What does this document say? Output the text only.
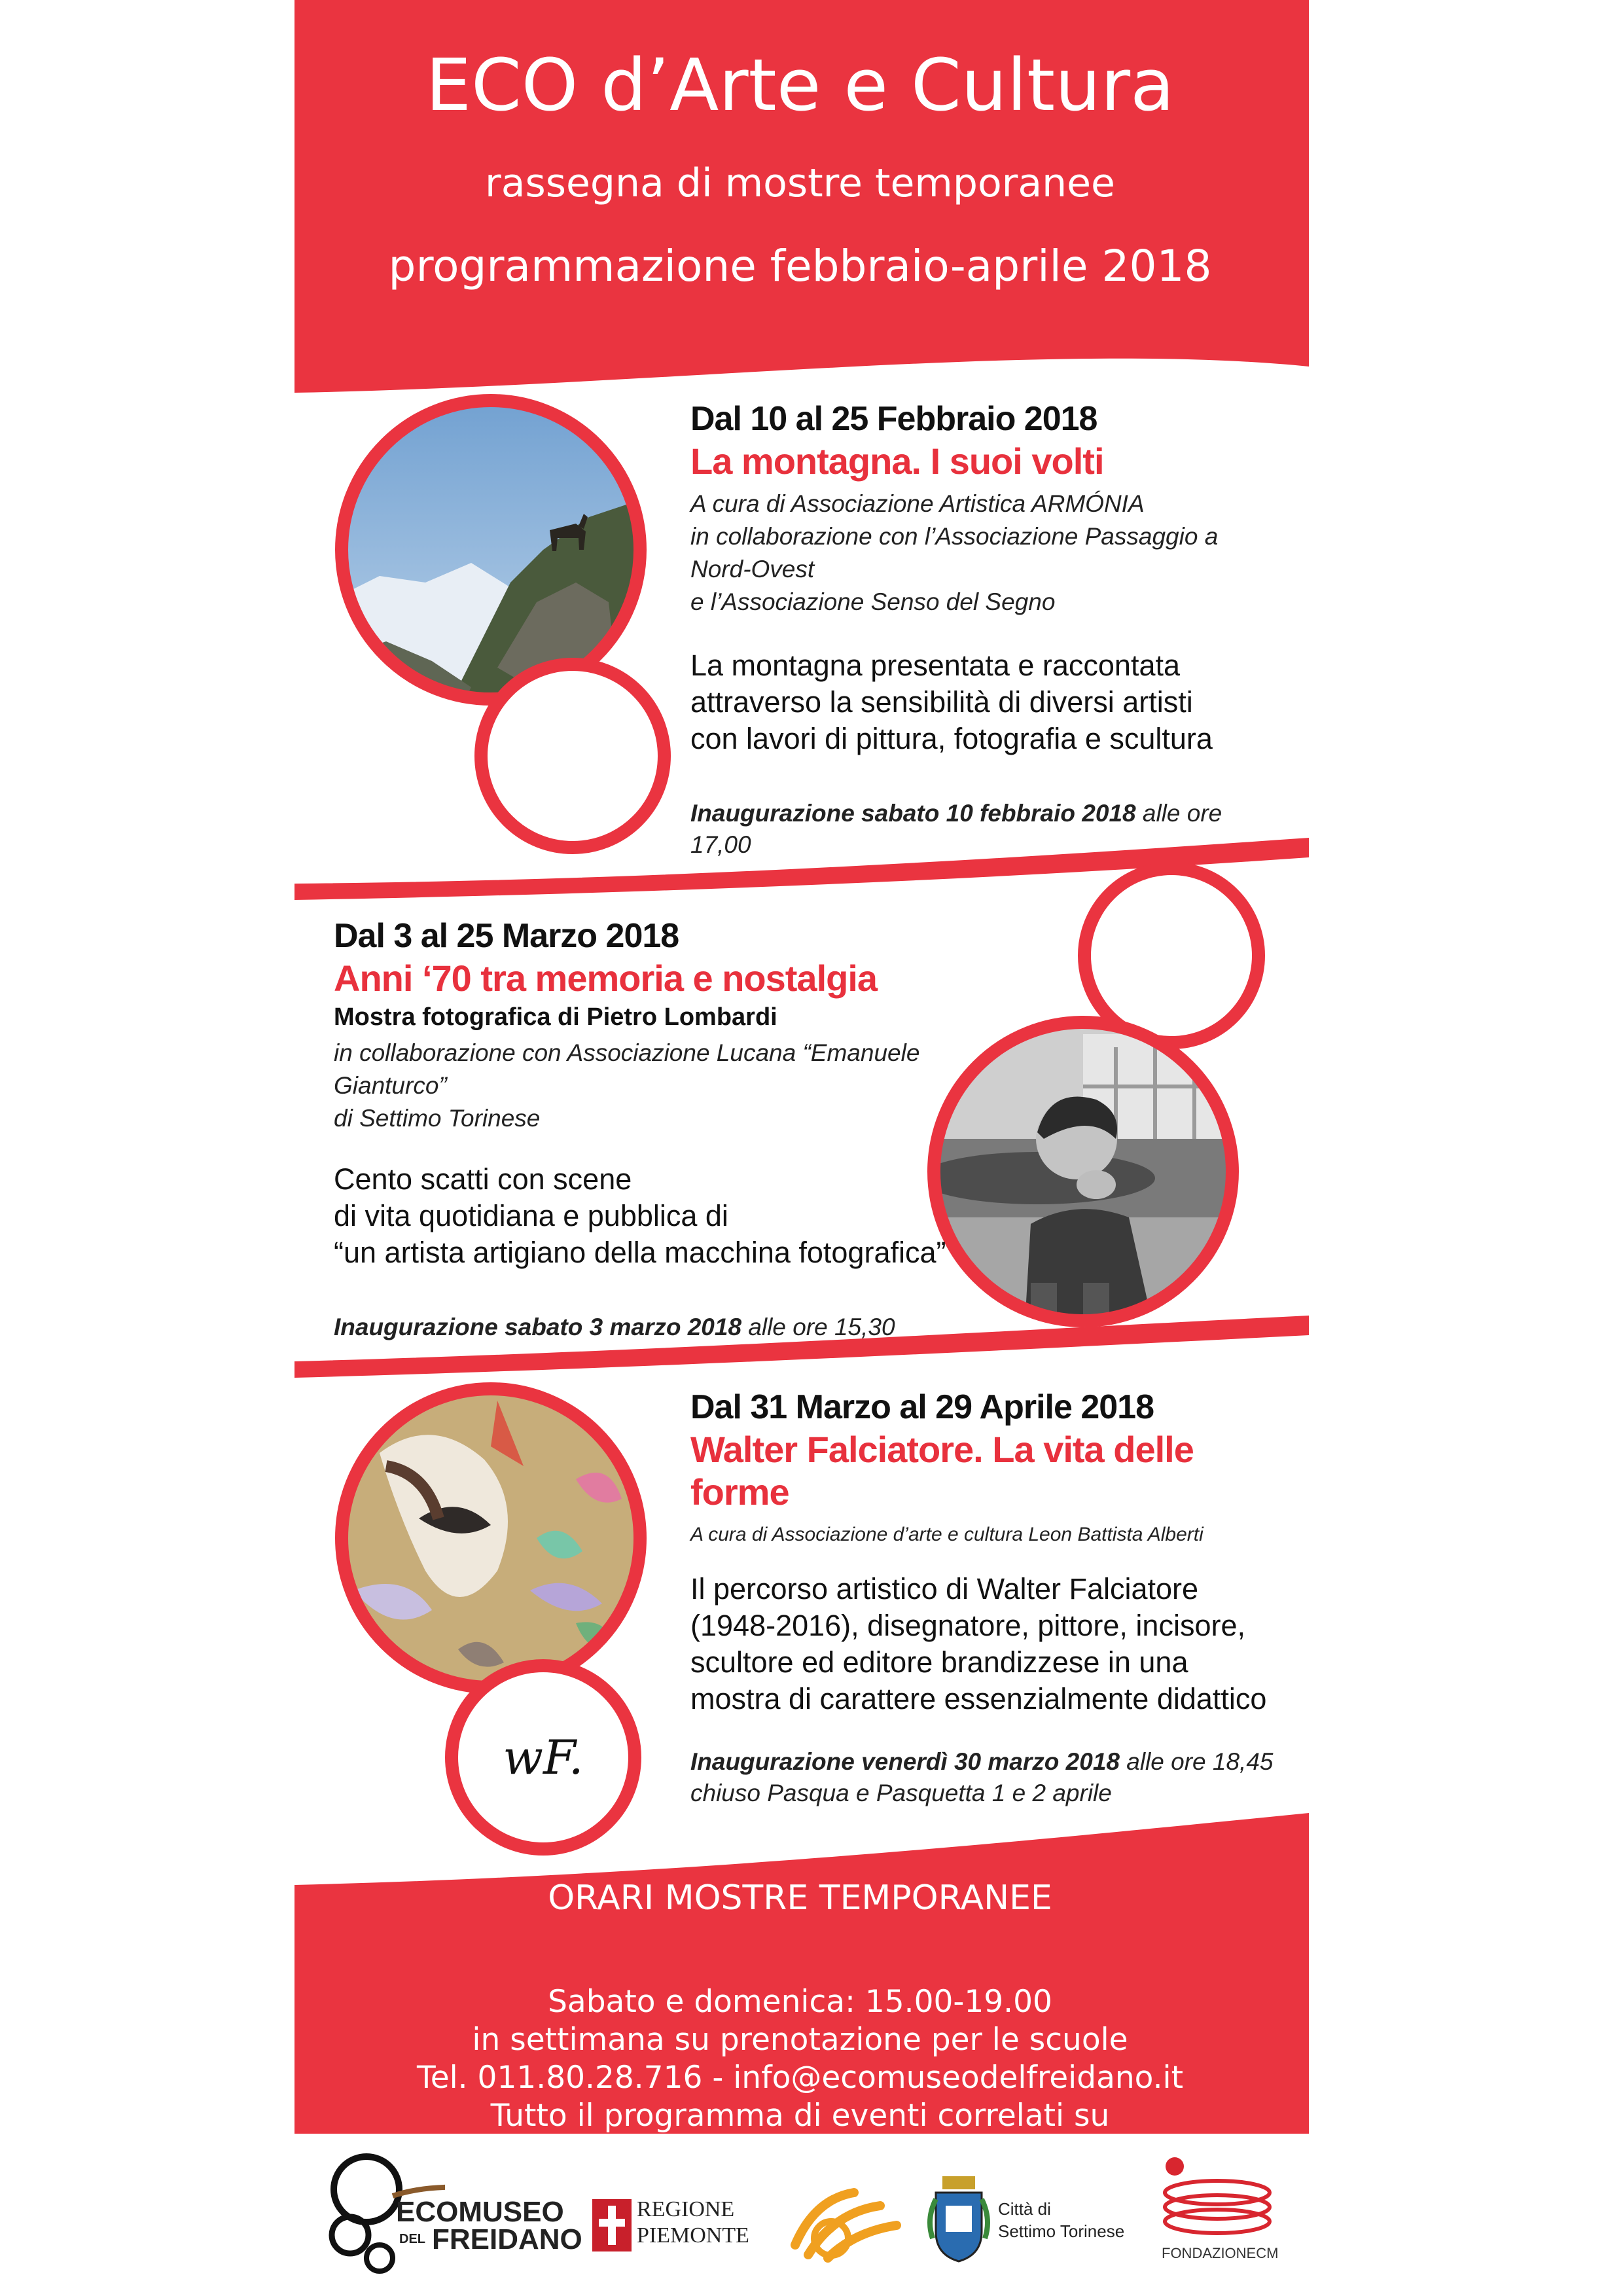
ECO d’Arte e Cultura
rassegna di mostre temporanee
programmazione febbraio-aprile 2018
Dal 10 al 25 Febbraio 2018
La montagna. I suoi volti
A cura di Associazione Artistica ARMÓNIA
in collaborazione con l’Associazione Passaggio a Nord-Ovest
e l’Associazione Senso del Segno
La montagna presentata e raccontata
attraverso la sensibilità di diversi artisti
con lavori di pittura, fotografia e scultura
Inaugurazione sabato 10 febbraio 2018 alle ore 17,00
Dal 3 al 25 Marzo 2018
Anni ‘70 tra memoria e nostalgia
Mostra fotografica di Pietro Lombardi
in collaborazione con Associazione Lucana “Emanuele Gianturco”
di Settimo Torinese
Cento scatti con scene
di vita quotidiana e pubblica di
“un artista artigiano della macchina fotografica”
Inaugurazione sabato 3 marzo 2018 alle ore 15,30
wF.
Dal 31 Marzo al 29 Aprile 2018
Walter Falciatore. La vita delle forme
A cura di Associazione d’arte e cultura Leon Battista Alberti
Il percorso artistico di Walter Falciatore
(1948-2016), disegnatore, pittore, incisore,
scultore ed editore brandizzese in una
mostra di carattere essenzialmente didattico
Inaugurazione venerdì 30 marzo 2018 alle ore 18,45
chiuso Pasqua e Pasquetta 1 e 2 aprile
ORARI MOSTRE TEMPORANEE
Sabato e domenica: 15.00-19.00
in settimana su prenotazione per le scuole
Tel. 011.80.28.716 - info@ecomuseodelfreidano.it
Tutto il programma di eventi correlati su www.ecomuseodelfreidano.it
ECOMUSEO
DEL FREIDANO
REGIONE
PIEMONTE
Città di
Settimo Torinese
FONDAZIONECM
